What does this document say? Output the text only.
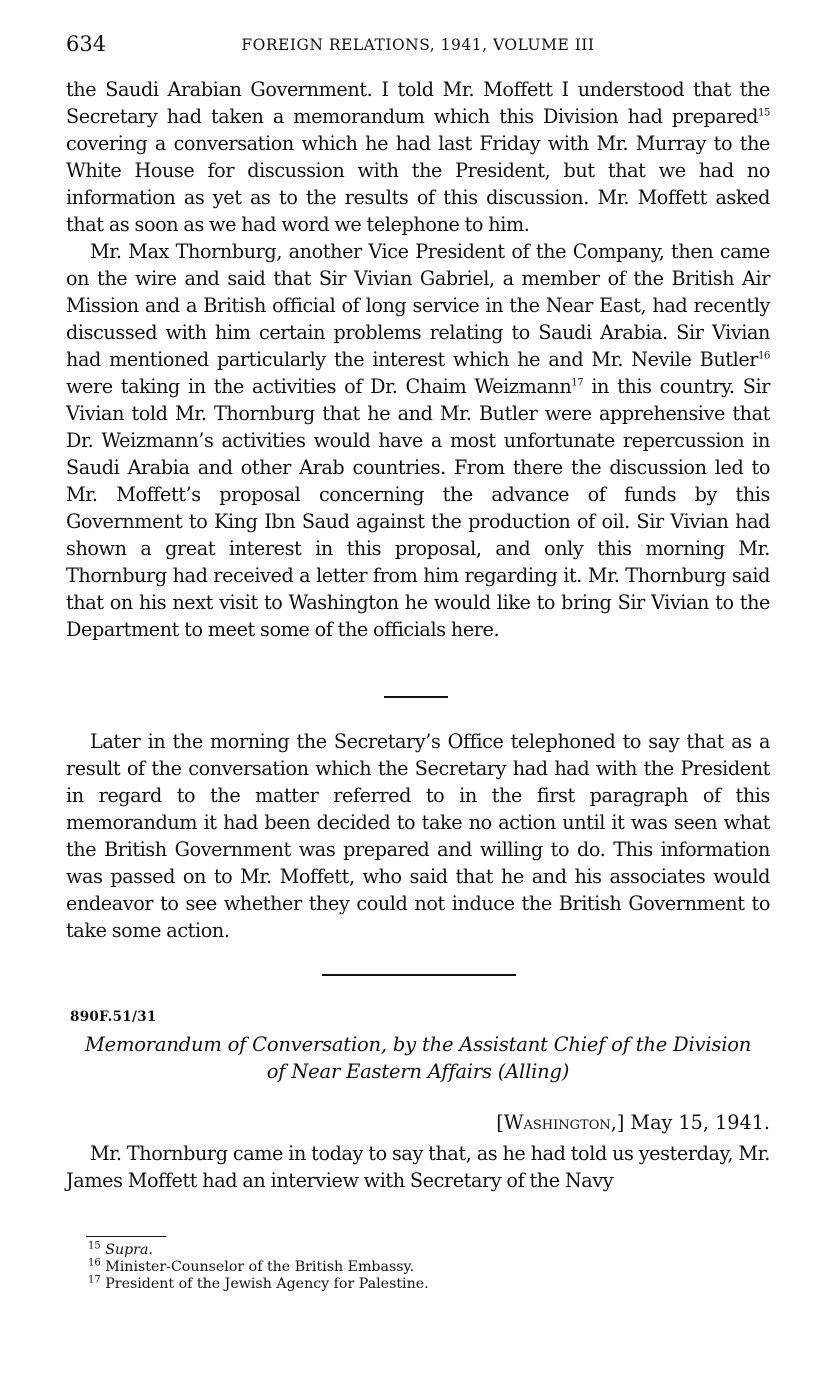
634	FOREIGN RELATIONS, 1941, VOLUME III

the Saudi Arabian Government. I told Mr. Moffett I understood that the Secretary had taken a memorandum which this Division had prepared$^{15}$ covering a conversation which he had last Friday with Mr. Murray to the White House for discussion with the President, but that we had no information as yet as to the results of this discussion. Mr. Moffett asked that as soon as we had word we telephone to him.

Mr. Max Thornburg, another Vice President of the Company, then came on the wire and said that Sir Vivian Gabriel, a member of the British Air Mission and a British official of long service in the Near East, had recently discussed with him certain problems relating to Saudi Arabia. Sir Vivian had mentioned particularly the interest which he and Mr. Nevile Butler$^{16}$ were taking in the activities of Dr. Chaim Weizmann$^{17}$ in this country. Sir Vivian told Mr. Thornburg that he and Mr. Butler were apprehensive that Dr. Weizmann’s activities would have a most unfortunate repercussion in Saudi Arabia and other Arab countries. From there the discussion led to Mr. Moffett’s proposal concerning the advance of funds by this Government to King Ibn Saud against the production of oil. Sir Vivian had shown a great interest in this proposal, and only this morning Mr. Thornburg had received a letter from him regarding it. Mr. Thornburg said that on his next visit to Washington he would like to bring Sir Vivian to the Department to meet some of the officials here.

Later in the morning the Secretary’s Office telephoned to say that as a result of the conversation which the Secretary had had with the President in regard to the matter referred to in the first paragraph of this memorandum it had been decided to take no action until it was seen what the British Government was prepared and willing to do. This information was passed on to Mr. Moffett, who said that he and his associates would endeavor to see whether they could not induce the British Government to take some action.

890F.51/31
Memorandum of Conversation, by the Assistant Chief of the Division
of Near Eastern Affairs (Alling)
[Washington,] May 15, 1941.

Mr. Thornburg came in today to say that, as he had told us yesterday, Mr. James Moffett had an interview with Secretary of the Navy

$^{15}$ Supra.
$^{16}$ Minister-Counselor of the British Embassy.
$^{17}$ President of the Jewish Agency for Palestine.
